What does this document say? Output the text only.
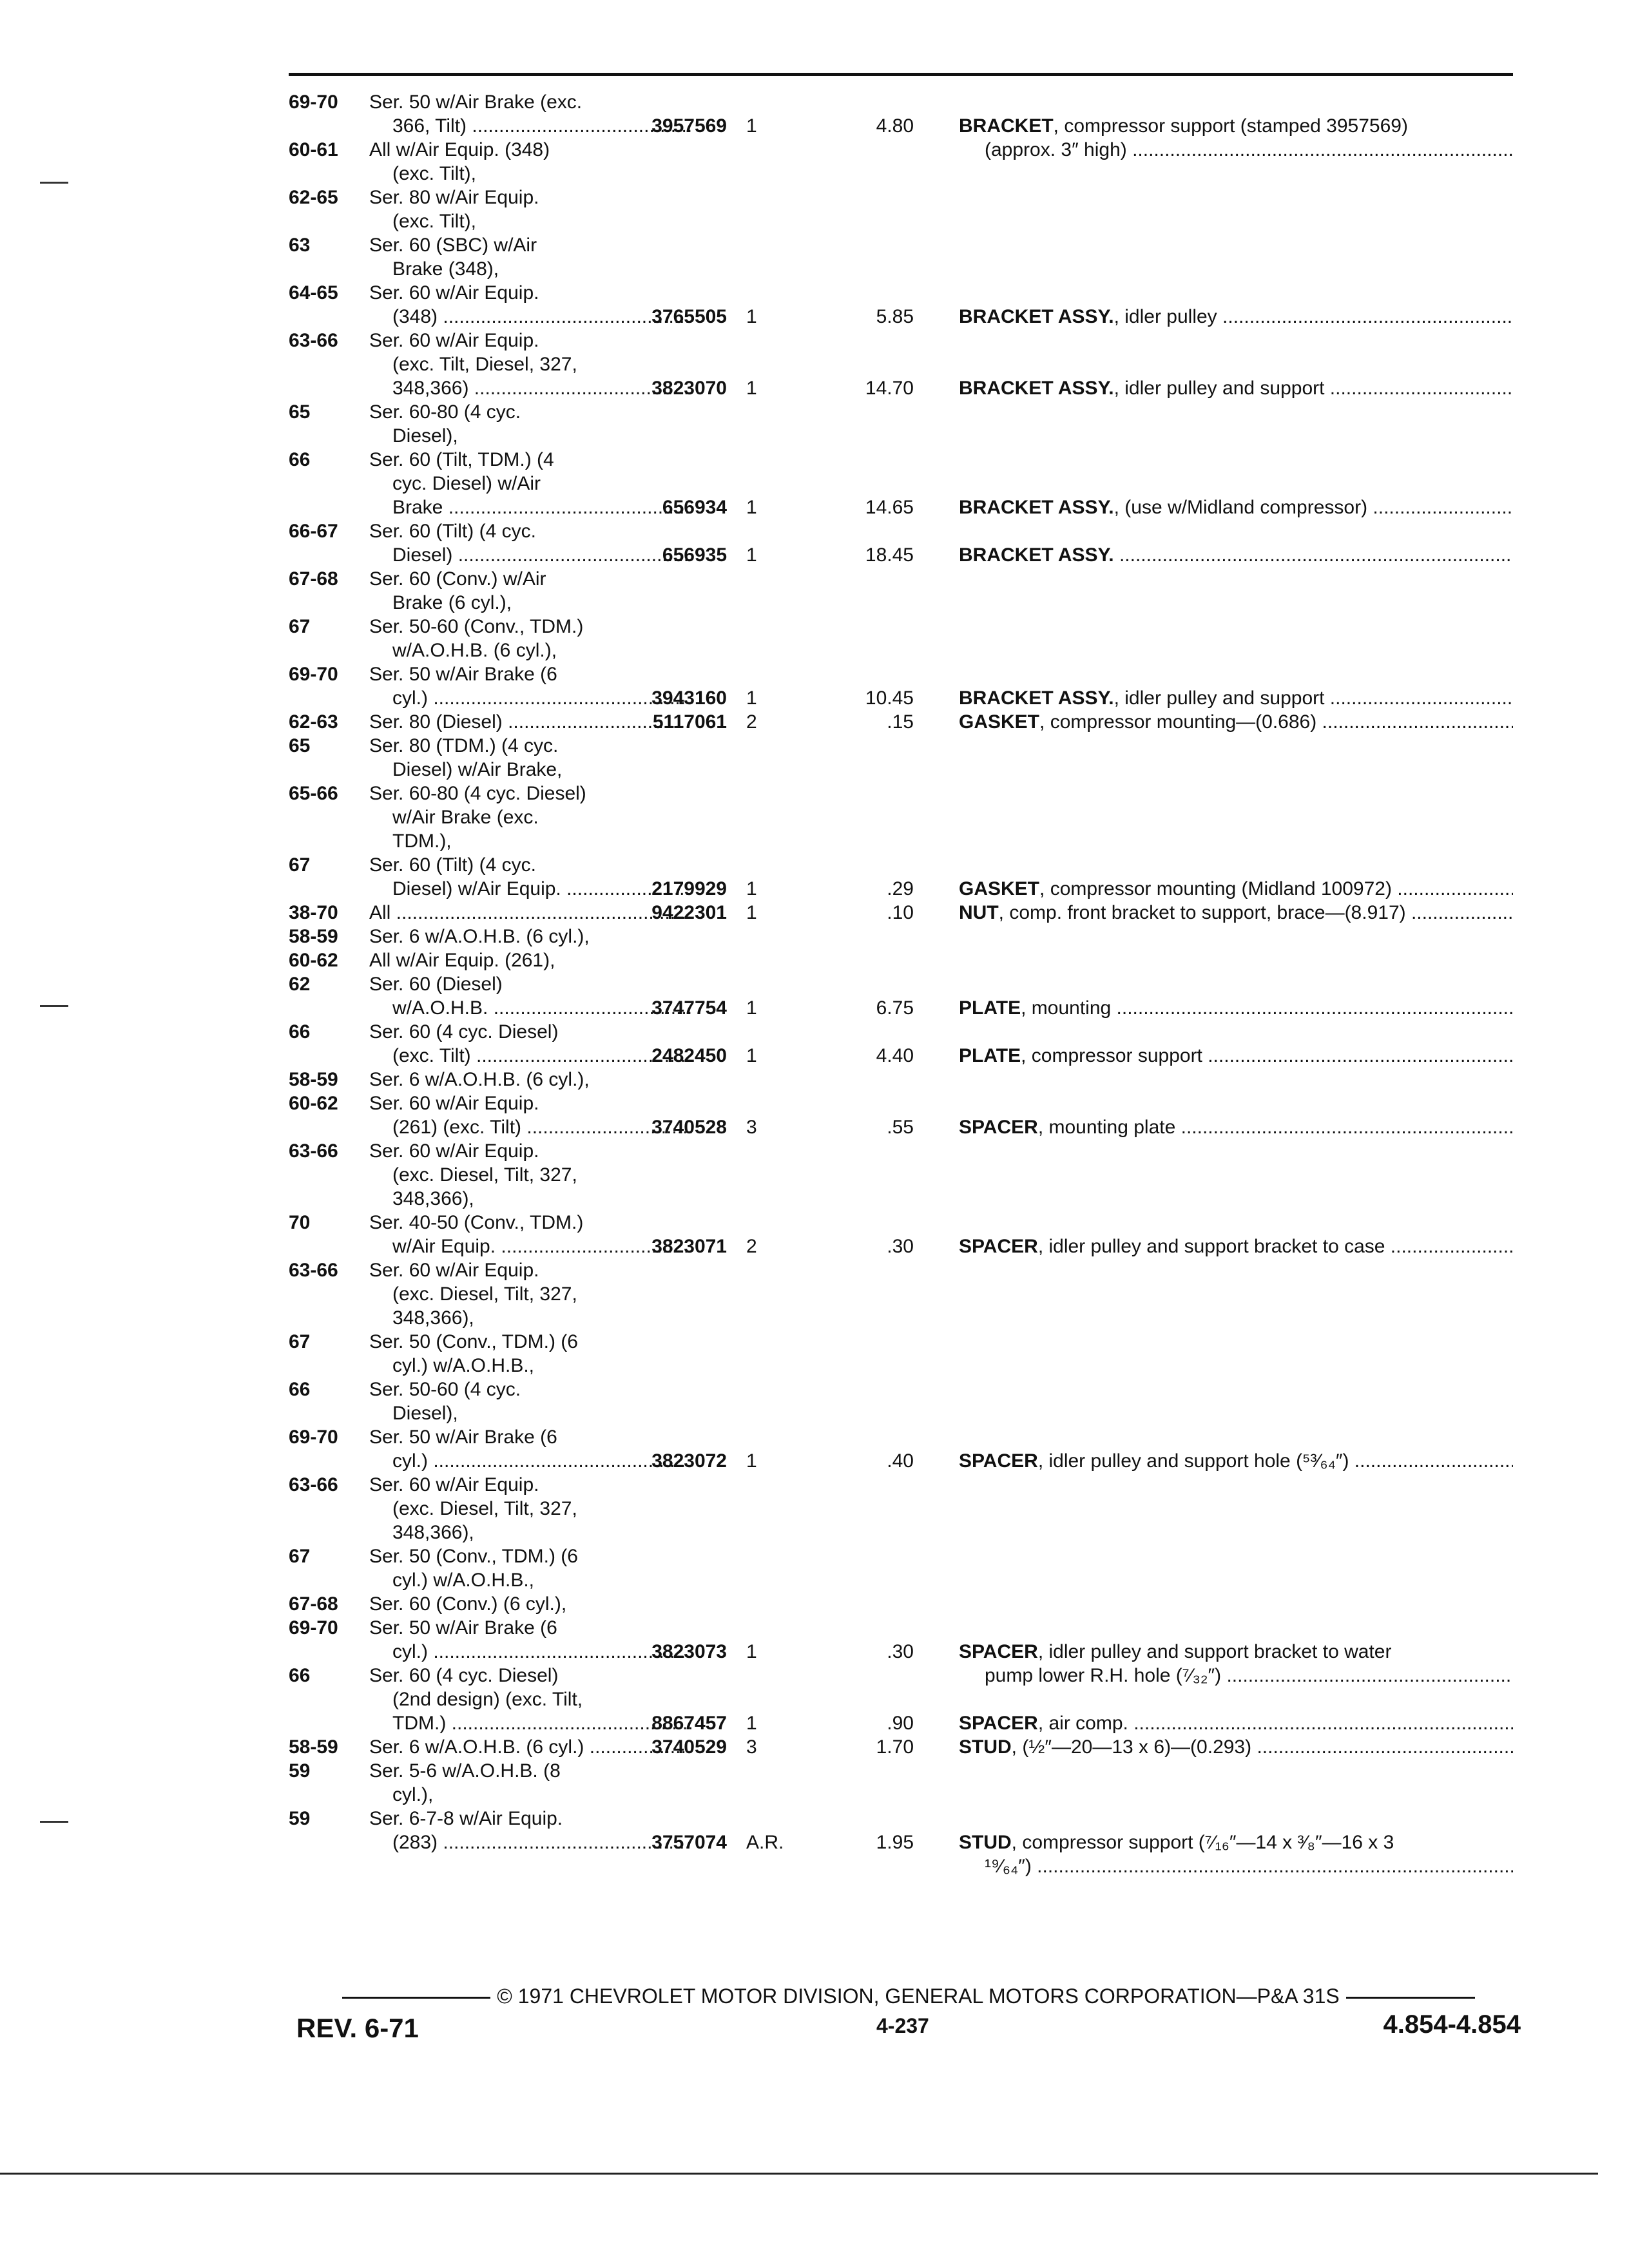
69-70	Ser. 50 w/Air Brake (exc.
366, Tilt) .....	3957569 1	4.80 BRACKET, compressor support (stamped 3957569)
(approx. 3″ high) .....
60-61	All w/Air Equip. (348)
(exc. Tilt),
62-65	Ser. 80 w/Air Equip.
(exc. Tilt),
63	Ser. 60 (SBC) w/Air
Brake (348),
64-65	Ser. 60 w/Air Equip.
(348) .....	3765505 1	5.85 BRACKET ASSY., idler pulley .....
63-66	Ser. 60 w/Air Equip.
(exc. Tilt, Diesel, 327,
348,366) .....	3823070 1	14.70 BRACKET ASSY., idler pulley and support .....
65	Ser. 60-80 (4 cyc.
Diesel),
66	Ser. 60 (Tilt, TDM.) (4
cyc. Diesel) w/Air
Brake .....	656934 1	14.65 BRACKET ASSY., (use w/Midland compressor) .....
66-67	Ser. 60 (Tilt) (4 cyc.
Diesel) .....	656935 1	18.45 BRACKET ASSY. .....
67-68	Ser. 60 (Conv.) w/Air
Brake (6 cyl.),
67	Ser. 50-60 (Conv., TDM.)
w/A.O.H.B. (6 cyl.),
69-70	Ser. 50 w/Air Brake (6
cyl.) .....	3943160 1	10.45 BRACKET ASSY., idler pulley and support .....
62-63	Ser. 80 (Diesel) .....	5117061 2	.15 GASKET, compressor mounting—(0.686) .....
65	Ser. 80 (TDM.) (4 cyc.
Diesel) w/Air Brake,
65-66	Ser. 60-80 (4 cyc. Diesel)
w/Air Brake (exc.
TDM.),
67	Ser. 60 (Tilt) (4 cyc.
Diesel) w/Air Equip. .....	2179929 1	.29 GASKET, compressor mounting (Midland 100972) .....
38-70	All .....	9422301 1	.10 NUT, comp. front bracket to support, brace—(8.917) .....
58-59	Ser. 6 w/A.O.H.B. (6 cyl.),
60-62	All w/Air Equip. (261),
62	Ser. 60 (Diesel)
w/A.O.H.B. .....	3747754 1	6.75 PLATE, mounting .....
66	Ser. 60 (4 cyc. Diesel)
(exc. Tilt) .....	2482450 1	4.40 PLATE, compressor support .....
58-59	Ser. 6 w/A.O.H.B. (6 cyl.),
60-62	Ser. 60 w/Air Equip.
(261) (exc. Tilt) .....	3740528 3	.55 SPACER, mounting plate .....
63-66	Ser. 60 w/Air Equip.
(exc. Diesel, Tilt, 327,
348,366),
70	Ser. 40-50 (Conv., TDM.)
w/Air Equip. .....	3823071 2	.30 SPACER, idler pulley and support bracket to case .....
63-66	Ser. 60 w/Air Equip.
(exc. Diesel, Tilt, 327,
348,366),
67	Ser. 50 (Conv., TDM.) (6
cyl.) w/A.O.H.B.,
66	Ser. 50-60 (4 cyc.
Diesel),
69-70	Ser. 50 w/Air Brake (6
cyl.) .....	3823072 1	.40 SPACER, idler pulley and support hole (⁵³⁄₆₄″) .....
63-66	Ser. 60 w/Air Equip.
(exc. Diesel, Tilt, 327,
348,366),
67	Ser. 50 (Conv., TDM.) (6
cyl.) w/A.O.H.B.,
67-68	Ser. 60 (Conv.) (6 cyl.),
69-70	Ser. 50 w/Air Brake (6
cyl.) .....	3823073 1	.30 SPACER, idler pulley and support bracket to water
pump lower R.H. hole (⁷⁄₃₂″) .....
66	Ser. 60 (4 cyc. Diesel)
(2nd design) (exc. Tilt,
TDM.) .....	8867457 1	.90 SPACER, air comp. .....
58-59	Ser. 6 w/A.O.H.B. (6 cyl.) .....	3740529 3	1.70 STUD, (½″—20—13 x 6)—(0.293) .....
59	Ser. 5-6 w/A.O.H.B. (8
cyl.),
59	Ser. 6-7-8 w/Air Equip.
(283) .....	3757074 A.R.	1.95 STUD, compressor support (⁷⁄₁₆″—14 x ³⁄₈″—16 x 3
¹⁹⁄₆₄″) .....
© 1971 CHEVROLET MOTOR DIVISION, GENERAL MOTORS CORPORATION—P&A 31S
REV. 6-71	4-237	4.854-4.854
